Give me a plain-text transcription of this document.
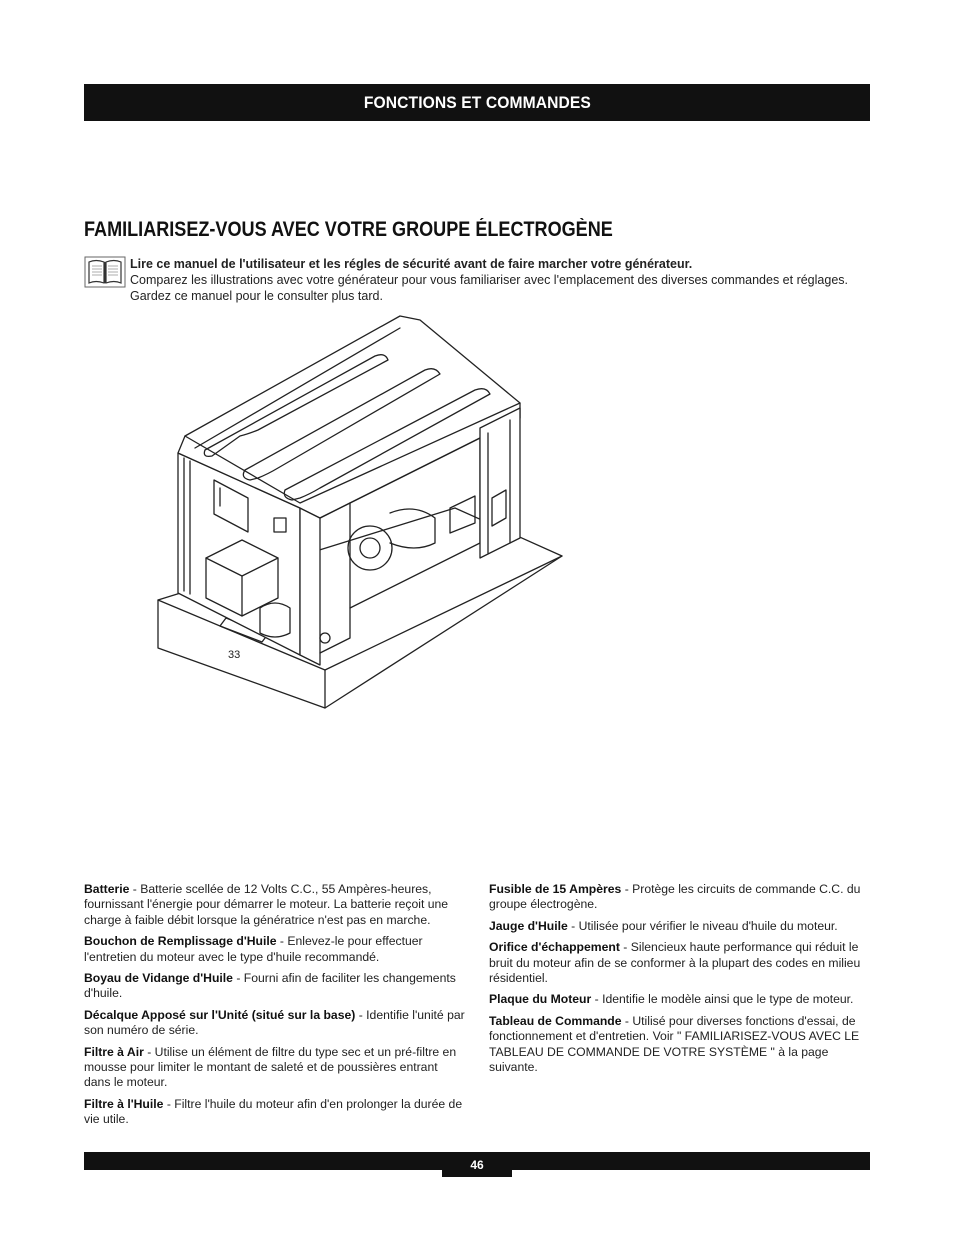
FONCTIONS ET COMMANDES
FAMILIARISEZ-VOUS AVEC VOTRE GROUPE ÉLECTROGÈNE
Lire ce manuel de l'utilisateur et les régles de sécurité avant de faire marcher votre générateur.
Comparez les illustrations avec votre générateur pour vous familiariser avec l'emplacement des diverses commandes et réglages.
Gardez ce manuel pour le consulter plus tard.
33

Batterie - Batterie scellée de 12 Volts C.C., 55 Ampères-heures, fournissant l'énergie pour démarrer le moteur. La batterie reçoit une charge à faible débit lorsque la génératrice n'est pas en marche.

Bouchon de Remplissage d'Huile - Enlevez-le pour effectuer l'entretien du moteur avec le type d'huile recommandé.

Boyau de Vidange d'Huile - Fourni afin de faciliter les changements d'huile.

Décalque Apposé sur l'Unité (situé sur la base) - Identifie l'unité par son numéro de série.

Filtre à Air - Utilise un élément de filtre du type sec et un pré-filtre en mousse pour limiter le montant de saleté et de poussières entrant dans le moteur.

Filtre à l'Huile - Filtre l'huile du moteur afin d'en prolonger la durée de vie utile.

Fusible de 15 Ampères - Protège les circuits de commande C.C. du groupe électrogène.

Jauge d'Huile - Utilisée pour vérifier le niveau d'huile du moteur.

Orifice d'échappement - Silencieux haute performance qui réduit le bruit du moteur afin de se conformer à la plupart des codes en milieu résidentiel.

Plaque du Moteur - Identifie le modèle ainsi que le type de moteur.

Tableau de Commande - Utilisé pour diverses fonctions d'essai, de fonctionnement et d'entretien. Voir " FAMILIARISEZ-VOUS AVEC LE TABLEAU DE COMMANDE DE VOTRE SYSTÈME " à la page suivante.

46
